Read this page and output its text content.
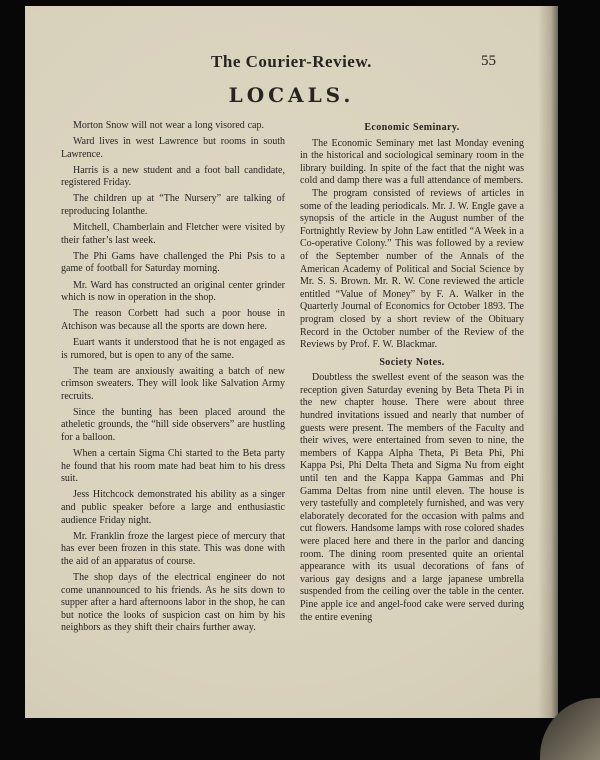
The Courier-Review.	55
LOCALS.

Morton Snow will not wear a long visored cap.

Ward lives in west Lawrence but rooms in south Lawrence.

Harris is a new student and a foot ball candidate, registered Friday.

The children up at “The Nursery” are talking of reproducing Iolanthe.

Mitchell, Chamberlain and Fletcher were visited by their father’s last week.

The Phi Gams have challenged the Phi Psis to a game of football for Saturday morning.

Mr. Ward has constructed an original center grinder which is now in operation in the shop.

The reason Corbett had such a poor house in Atchison was because all the sports are down here.

Euart wants it understood that he is not engaged as is rumored, but is open to any of the same.

The team are anxiously awaiting a batch of new crimson sweaters. They will look like Salvation Army recruits.

Since the bunting has been placed around the atheletic grounds, the “hill side observers” are hustling for a balloon.

When a certain Sigma Chi started to the Beta party he found that his room mate had beat him to his dress suit.

Jess Hitchcock demonstrated his ability as a singer and public speaker before a large and enthusiastic audience Friday night.

Mr. Franklin froze the largest piece of mercury that has ever been frozen in this state. This was done with the aid of an apparatus of course.

The shop days of the electrical engineer do not come unannounced to his friends. As he sits down to supper after a hard afternoons labor in the shop, he can but notice the looks of suspicion cast on him by his neighbors as they shift their chairs further away.

Economic Seminary.

The Economic Seminary met last Monday evening in the historical and sociological seminary room in the library building. In spite of the fact that the night was cold and damp there was a full attendance of members.

The program consisted of reviews of articles in some of the leading periodicals. Mr. J. W. Engle gave a synopsis of the article in the August number of the Fortnightly Review by John Law entitled “A Week in a Co-operative Colony.” This was followed by a review of the September number of the Annals of the American Academy of Political and Social Science by Mr. S. S. Brown. Mr. R. W. Cone reviewed the article entitled “Value of Money” by F. A. Walker in the Quarterly Journal of Economics for October 1893. The program closed by a short review of the Obituary Record in the October number of the Review of the Reviews by Prof. F. W. Blackmar.

Society Notes.

Doubtless the swellest event of the season was the reception given Saturday evening by Beta Theta Pi in the new chapter house. There were about three hundred invitations issued and nearly that number of guests were present. The members of the Faculty and their wives, were entertained from seven to nine, the members of Kappa Alpha Theta, Pi Beta Phi, Phi Kappa Psi, Phi Delta Theta and Sigma Nu from eight until ten and the Kappa Kappa Gammas and Phi Gamma Deltas from nine until eleven. The house is very tastefully and completely furnished, and was very elaborately decorated for the occasion with palms and cut flowers. Handsome lamps with rose colored shades were placed here and there in the parlor and dancing room. The dining room presented quite an oriental appearance with its usual decorations of fans of various gay designs and a large japanese umbrella suspended from the ceiling over the table in the center. Pine apple ice and angel-food cake were served during the entire evening
